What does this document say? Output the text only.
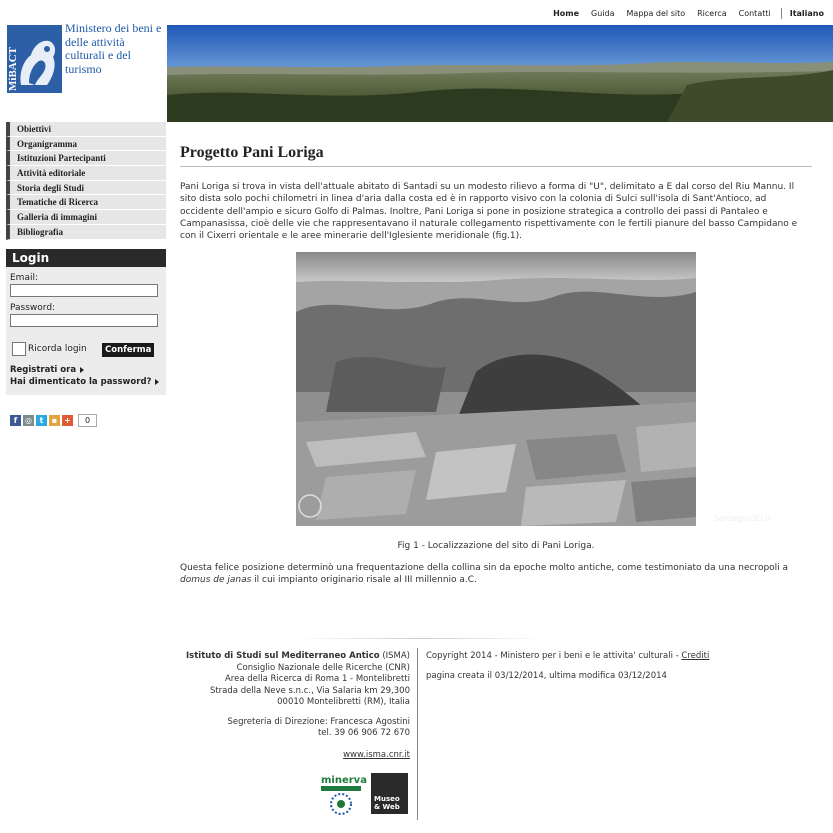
Home Guida Mappa del sito Ricerca Contatti Italiano
MiBACT
Ministero dei beni e delle attività culturali e del turismo
Obiettivi
Organigramma
Istituzioni Partecipanti
Attività editoriale
Storia degli Studi
Tematiche di Ricerca
Galleria di immagini
Bibliografia
Login
Email:
Password:
Ricorda login	Conferma
Registrati ora
Hai dimenticato la password?
f ◎ t	▪ +	0
Progetto Pani Loriga
Pani Loriga si trova in vista dell'attuale abitato di Santadi su un modesto rilievo a forma di "U", delimitato a E dal corso del Riu Mannu. Il sito dista solo pochi chilometri in linea d'aria dalla costa ed è in rapporto visivo con la colonia di Sulci sull'isola di Sant'Antioco, ad occidente dell'ampio e sicuro Golfo di Palmas. Inoltre, Pani Loriga si pone in posizione strategica a controllo dei passi di Pantaleo e Campanasissa, cioè delle vie che rappresentavano il naturale collegamento rispettivamente con le fertili pianure del basso Campidano e con il Cixerri orientale e le aree minerarie dell'Iglesiente meridionale (fig.1).
Sardegna3D.it
Fig 1 - Localizzazione del sito di Pani Loriga.
Questa felice posizione determinò una frequentazione della collina sin da epoche molto antiche, come testimoniato da una necropoli a domus de janas il cui impianto originario risale al III millennio a.C.
Istituto di Studi sul Mediterraneo Antico (ISMA)
Consiglio Nazionale delle Ricerche (CNR)
Area della Ricerca di Roma 1 - Montelibretti
Strada della Neve s.n.c., Via Salaria km 29,300
00010 Montelibretti (RM), Italia
Segreteria di Direzione: Francesca Agostini
tel. 39 06 906 72 670
www.isma.cnr.it
Copyright 2014 - Ministero per i beni e le attivita' culturali - Crediti
pagina creata il 03/12/2014, ultima modifica 03/12/2014
minerva
Museo & Web
